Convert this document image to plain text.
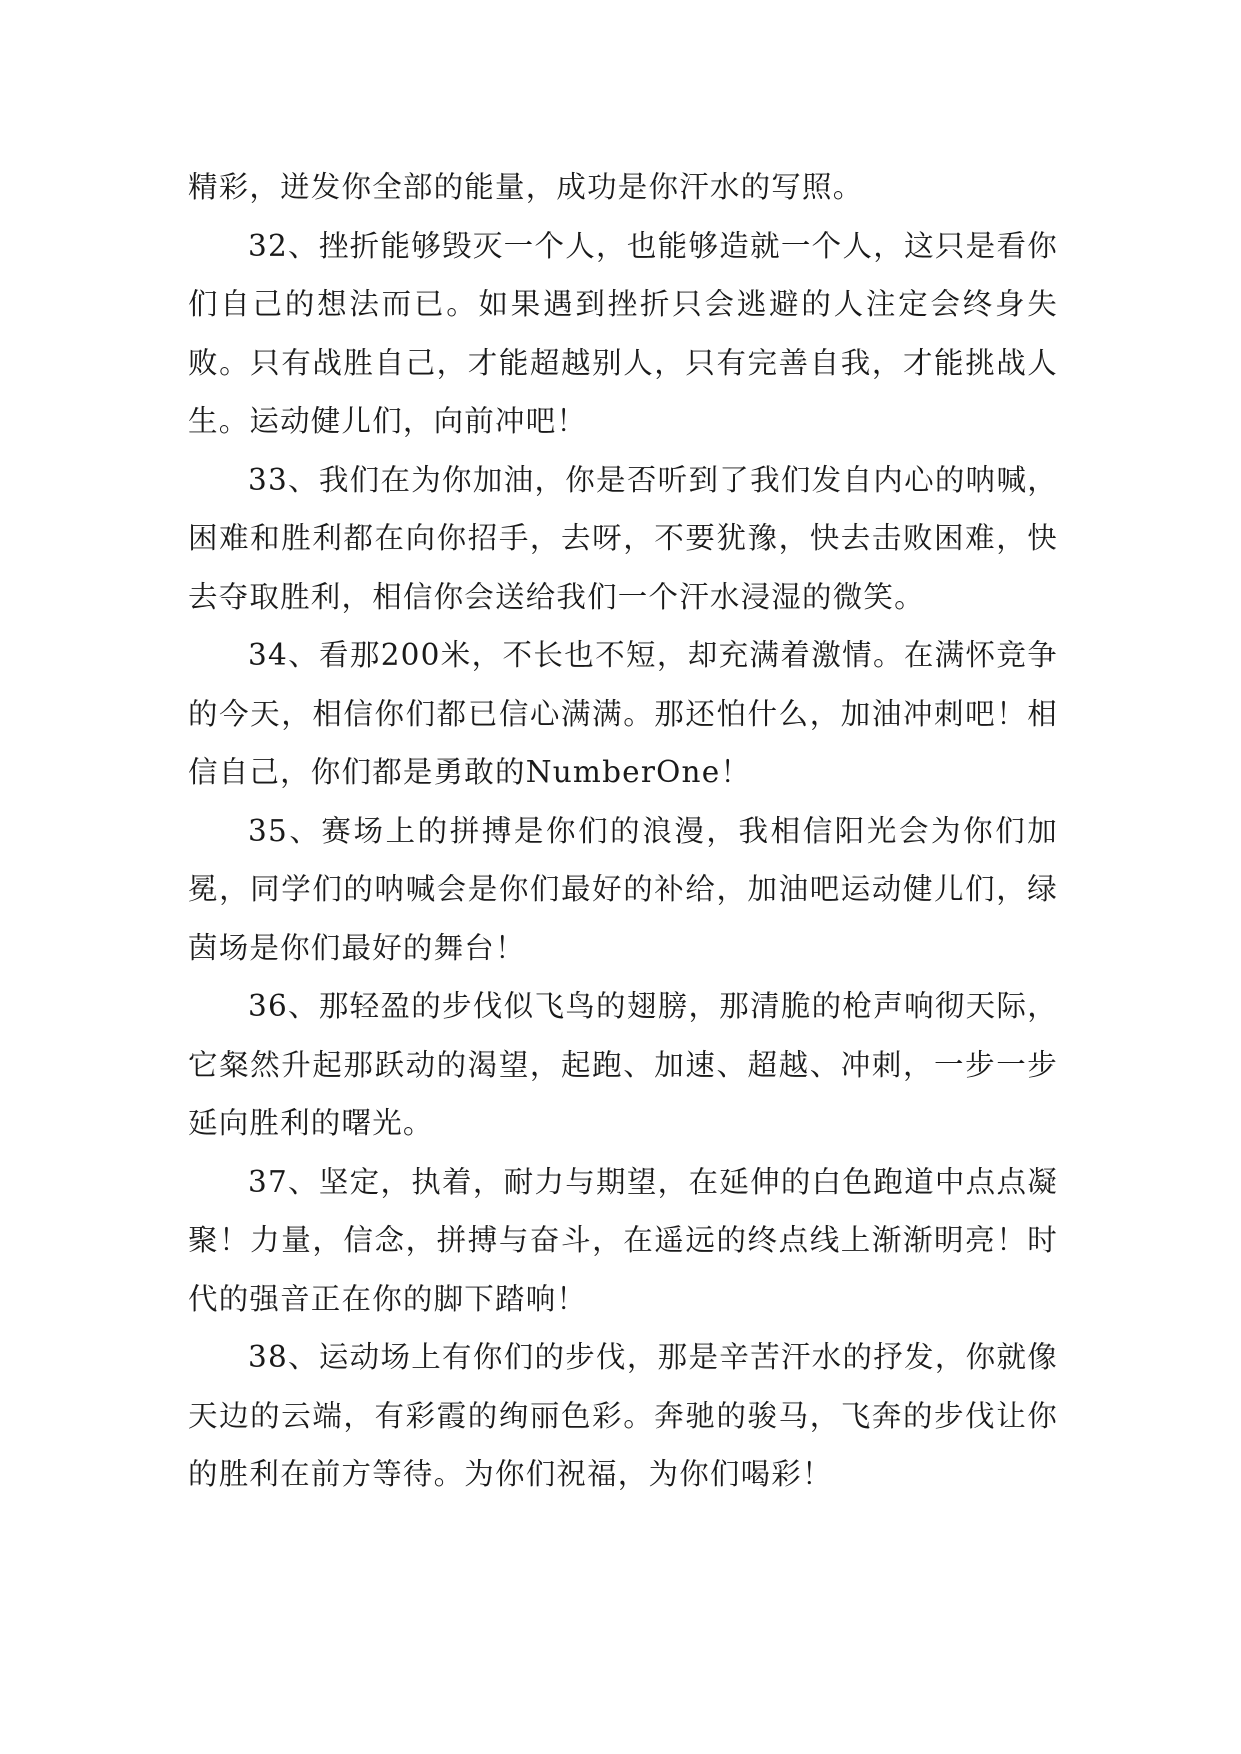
精彩，迸发你全部的能量，成功是你汗水的写照。

32、挫折能够毁灭一个人，也能够造就一个人，这只是看你们自己的想法而已。如果遇到挫折只会逃避的人注定会终身失败。只有战胜自己，才能超越别人，只有完善自我，才能挑战人生。运动健儿们，向前冲吧！

33、我们在为你加油，你是否听到了我们发自内心的呐喊，困难和胜利都在向你招手，去呀，不要犹豫，快去击败困难，快去夺取胜利，相信你会送给我们一个汗水浸湿的微笑。

34、看那200米，不长也不短，却充满着激情。在满怀竞争的今天，相信你们都已信心满满。那还怕什么，加油冲刺吧！相信自己，你们都是勇敢的NumberOne！

35、赛场上的拼搏是你们的浪漫，我相信阳光会为你们加冕，同学们的呐喊会是你们最好的补给，加油吧运动健儿们，绿茵场是你们最好的舞台！

36、那轻盈的步伐似飞鸟的翅膀，那清脆的枪声响彻天际，它粲然升起那跃动的渴望，起跑、加速、超越、冲刺，一步一步延向胜利的曙光。

37、坚定，执着，耐力与期望，在延伸的白色跑道中点点凝聚！力量，信念，拼搏与奋斗，在遥远的终点线上渐渐明亮！时代的强音正在你的脚下踏响！

38、运动场上有你们的步伐，那是辛苦汗水的抒发，你就像天边的云端，有彩霞的绚丽色彩。奔驰的骏马，飞奔的步伐让你的胜利在前方等待。为你们祝福，为你们喝彩！
